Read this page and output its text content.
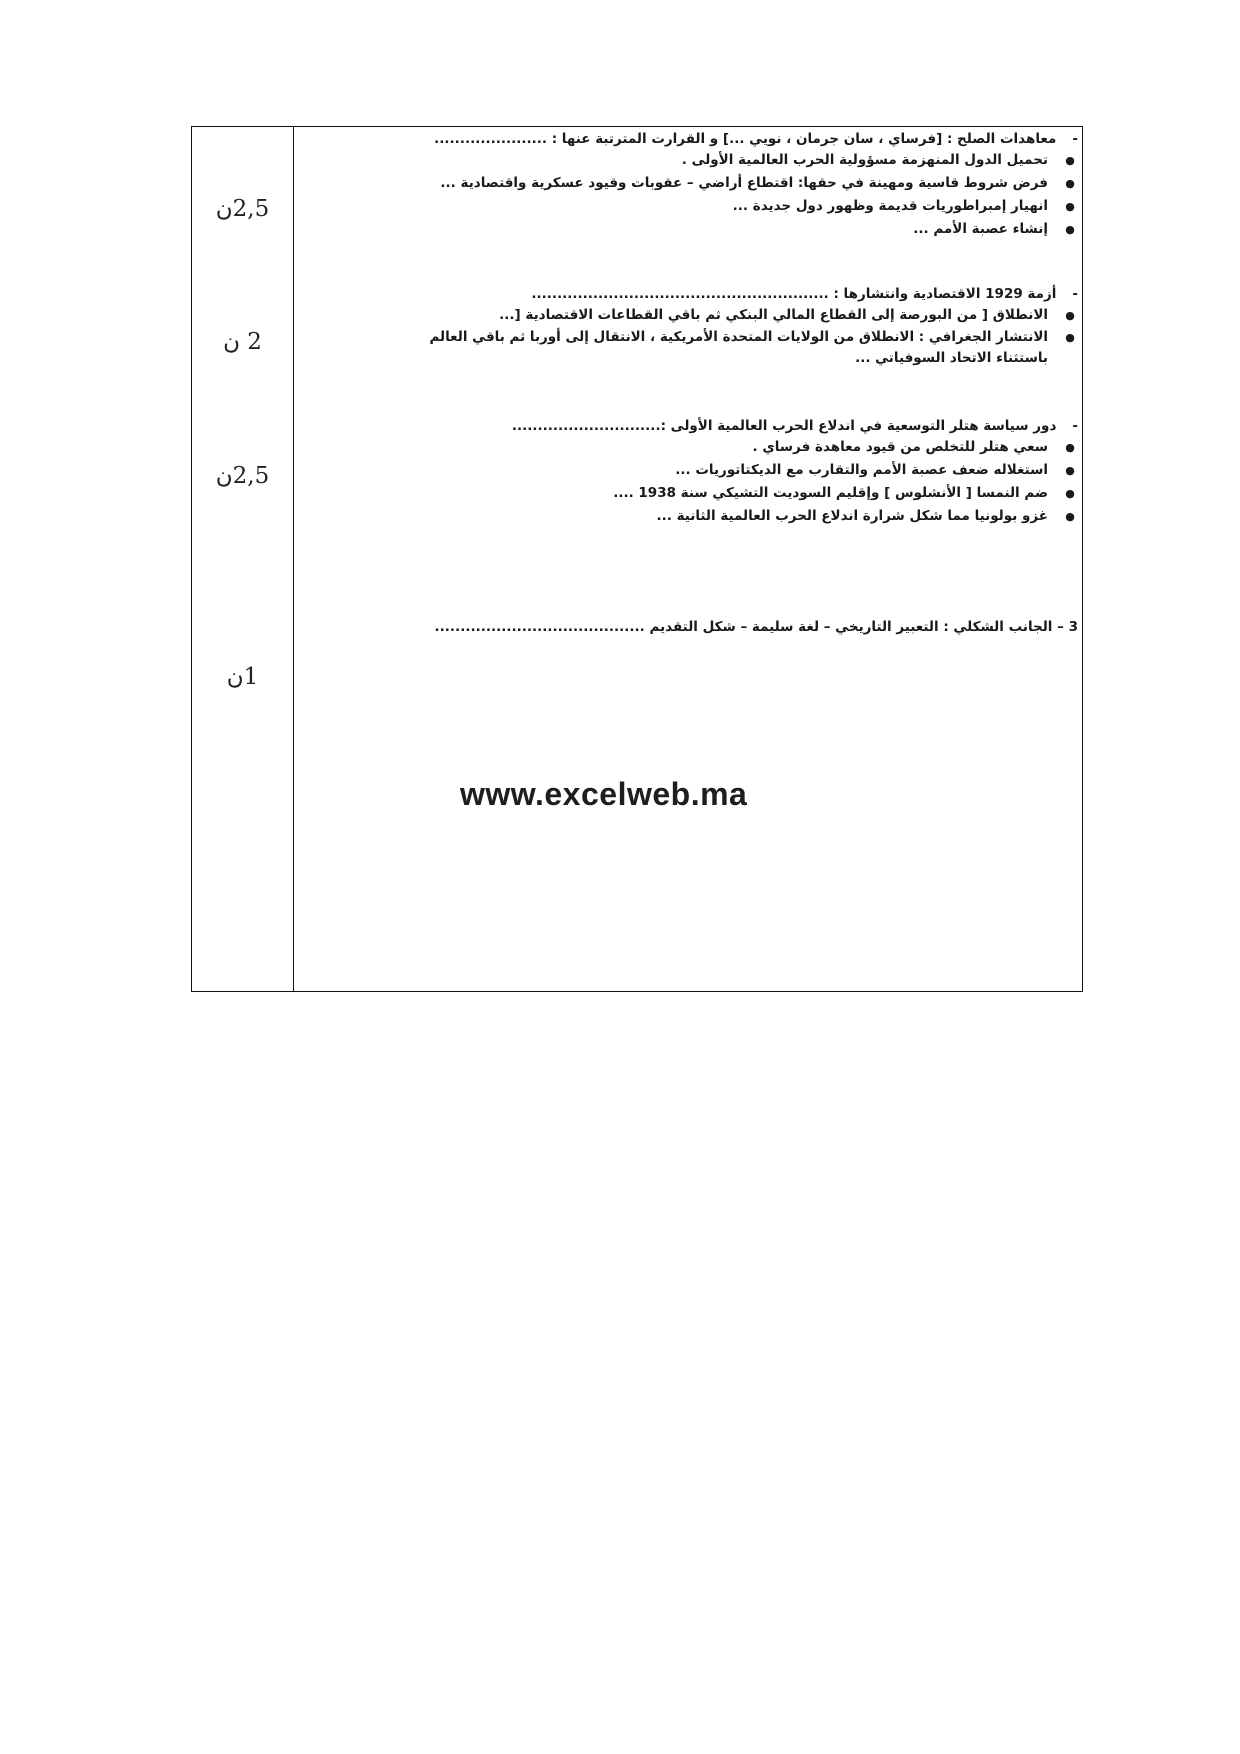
2,5ن
2 ن
2,5ن
1ن
-معاهدات الصلح : [فرساي ، سان جرمان ، نويي ...] و القرارت المترتبة عنها : ......................
●
تحميل الدول المنهزمة مسؤولية الحرب العالمية الأولى .
●
فرض شروط قاسية ومهينة في حقها: اقتطاع أراضي – عقوبات وقيود عسكرية واقتصادية ...
●
انهيار إمبراطوريات قديمة وظهور دول جديدة ...
●
إنشاء عصبة الأمم ...
-أزمة 1929 الاقتصادية وانتشارها : ..........................................................
●
الانطلاق [ من البورصة إلى القطاع المالي البنكي ثم باقي القطاعات الاقتصادية [...
●
الانتشار الجغرافي : الانطلاق من الولايات المتحدة الأمريكية ، الانتقال إلى أوربا ثم باقي العالم باستثناء الاتحاد السوفياتي ...
-دور سياسة هتلر التوسعية في اندلاع الحرب العالمية الأولى :.............................
●
سعي هتلر للتخلص من قيود معاهدة فرساي .
●
استغلاله ضعف عصبة الأمم والتقارب مع الديكتاتوريات ...
●
ضم النمسا [ الأنشلوس ] وإقليم السوديت التشيكي سنة 1938 ....
●
غزو بولونيا مما شكل شرارة اندلاع الحرب العالمية الثانية ...
3 – الجانب الشكلي : التعبير التاريخي – لغة سليمة – شكل التقديم .........................................
www.excelweb.ma
